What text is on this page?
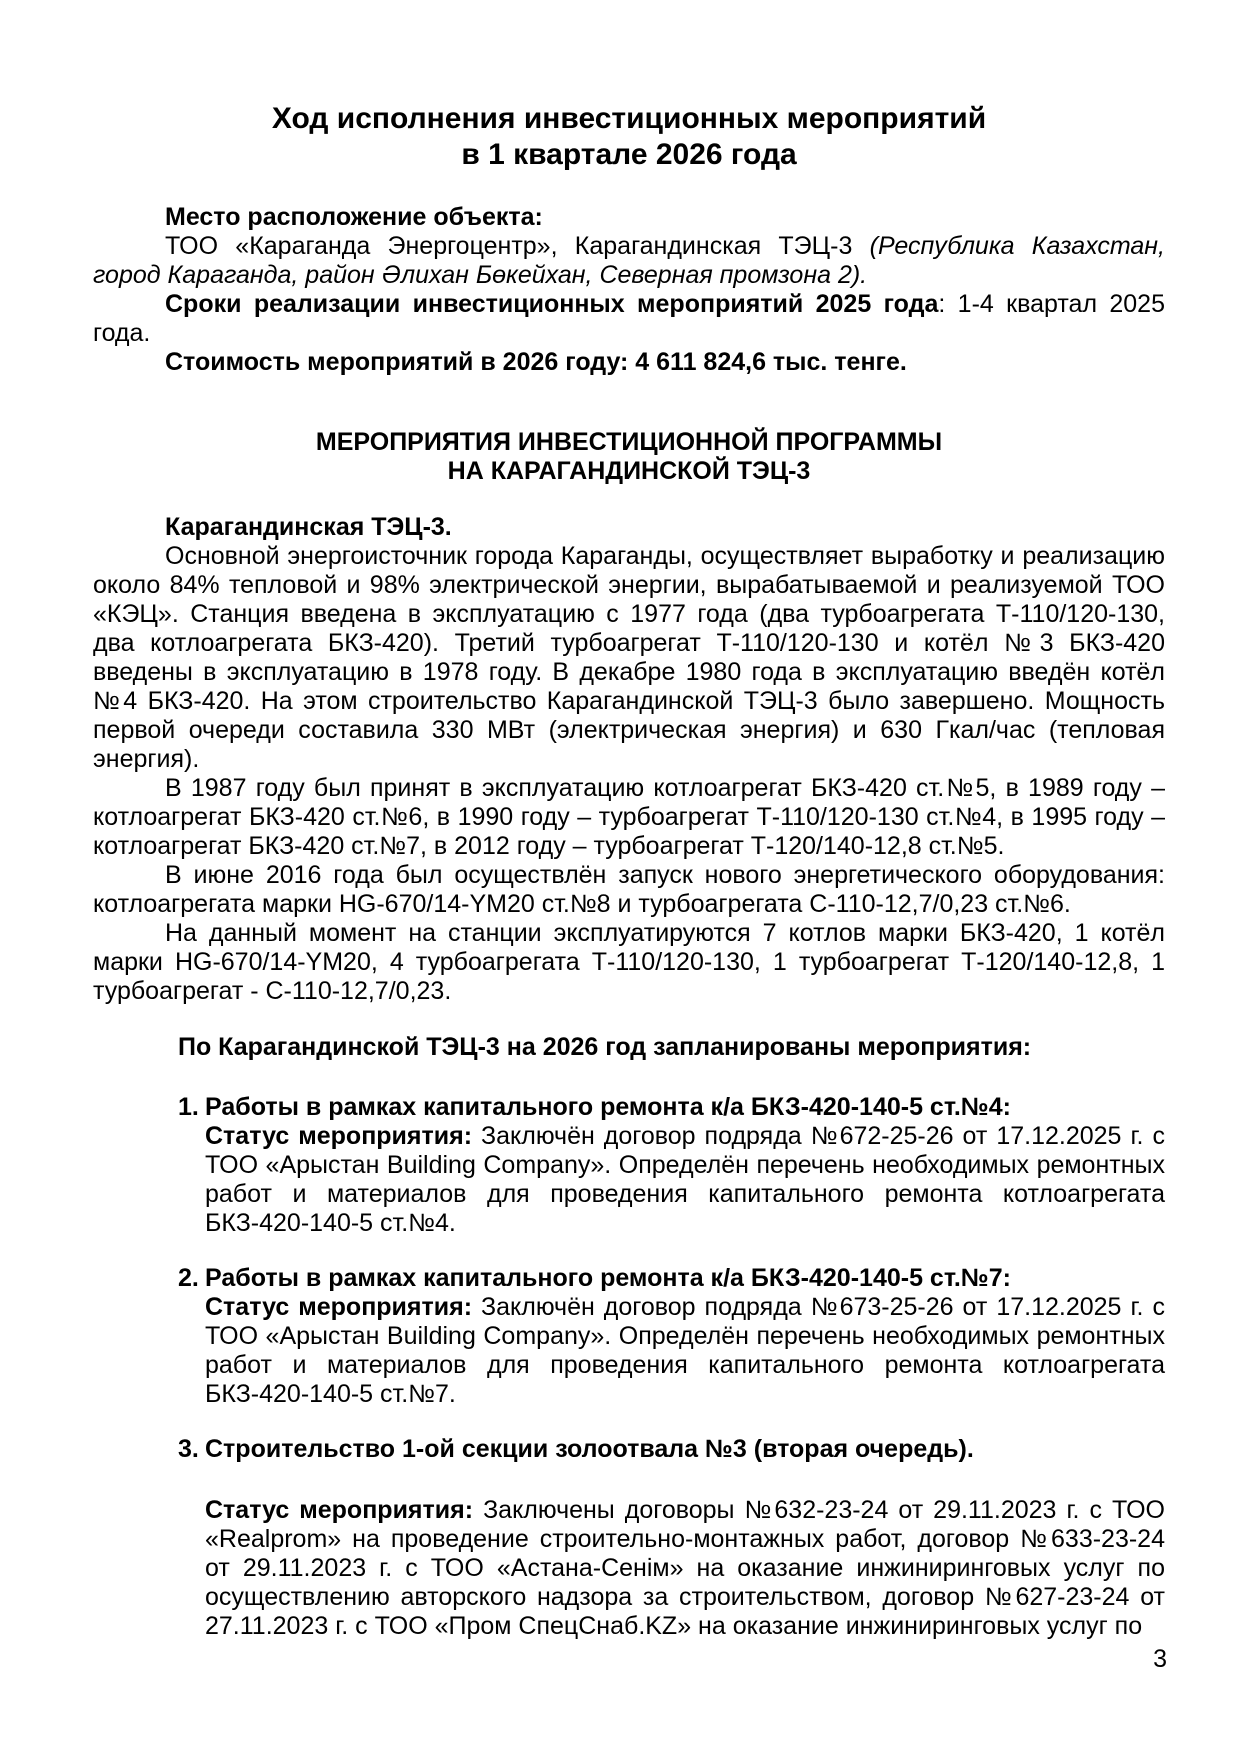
Ход исполнения инвестиционных мероприятий
в 1 квартале 2026 года

Место расположение объекта:

ТОО «Караганда Энергоцентр», Карагандинская ТЭЦ-3 (Республика Казахстан, город Караганда, район Әлихан Бөкейхан, Северная промзона 2).

Сроки реализации инвестиционных мероприятий 2025 года: 1-4 квартал 2025 года.

Стоимость мероприятий в 2026 году: 4 611 824,6 тыс. тенге.

МЕРОПРИЯТИЯ ИНВЕСТИЦИОННОЙ ПРОГРАММЫ
НА КАРАГАНДИНСКОЙ ТЭЦ-3

Карагандинская ТЭЦ-3.

Основной энергоисточник города Караганды, осуществляет выработку и реализацию около 84% тепловой и 98% электрической энергии, вырабатываемой и реализуемой ТОО «КЭЦ». Станция введена в эксплуатацию с 1977 года (два турбоагрегата Т-110/120-130, два котлоагрегата БКЗ-420). Третий турбоагрегат Т-110/120-130 и котёл №3 БКЗ-420 введены в эксплуатацию в 1978 году. В декабре 1980 года в эксплуатацию введён котёл №4 БКЗ-420. На этом строительство Карагандинской ТЭЦ-3 было завершено. Мощность первой очереди составила 330 МВт (электрическая энергия) и 630 Гкал/час (тепловая энергия).

В 1987 году был принят в эксплуатацию котлоагрегат БКЗ-420 ст.№5, в 1989 году – котлоагрегат БКЗ-420 ст.№6, в 1990 году – турбоагрегат Т-110/120-130 ст.№4, в 1995 году – котлоагрегат БКЗ-420 ст.№7, в 2012 году – турбоагрегат Т-120/140-12,8 ст.№5.

В июне 2016 года был осуществлён запуск нового энергетического оборудования: котлоагрегата марки HG-670/14-YM20 ст.№8 и турбоагрегата С-110-12,7/0,23 ст.№6.

На данный момент на станции эксплуатируются 7 котлов марки БКЗ-420, 1 котёл марки HG-670/14-YM20, 4 турбоагрегата Т-110/120-130, 1 турбоагрегат Т-120/140-12,8, 1 турбоагрегат - С-110-12,7/0,23.

По Карагандинской ТЭЦ-3 на 2026 год запланированы мероприятия:

1. Работы в рамках капитального ремонта к/а БКЗ-420-140-5 ст.№4:

Статус мероприятия: Заключён договор подряда №672-25-26 от 17.12.2025 г. с ТОО «Арыстан Building Company». Определён перечень необходимых ремонтных работ и материалов для проведения капитального ремонта котлоагрегата БКЗ-420-140-5 ст.№4.

2. Работы в рамках капитального ремонта к/а БКЗ-420-140-5 ст.№7:

Статус мероприятия: Заключён договор подряда №673-25-26 от 17.12.2025 г. с ТОО «Арыстан Building Company». Определён перечень необходимых ремонтных работ и материалов для проведения капитального ремонта котлоагрегата БКЗ-420-140-5 ст.№7.

3. Строительство 1-ой секции золоотвала №3 (вторая очередь).

Статус мероприятия: Заключены договоры №632-23-24 от 29.11.2023 г. с ТОО «Realprom» на проведение строительно-монтажных работ, договор №633-23-24 от 29.11.2023 г. с ТОО «Астана-Сенім» на оказание инжиниринговых услуг по осуществлению авторского надзора за строительством, договор №627-23-24 от 27.11.2023 г. с ТОО «Пром СпецСнаб.KZ» на оказание инжиниринговых услуг по

3
